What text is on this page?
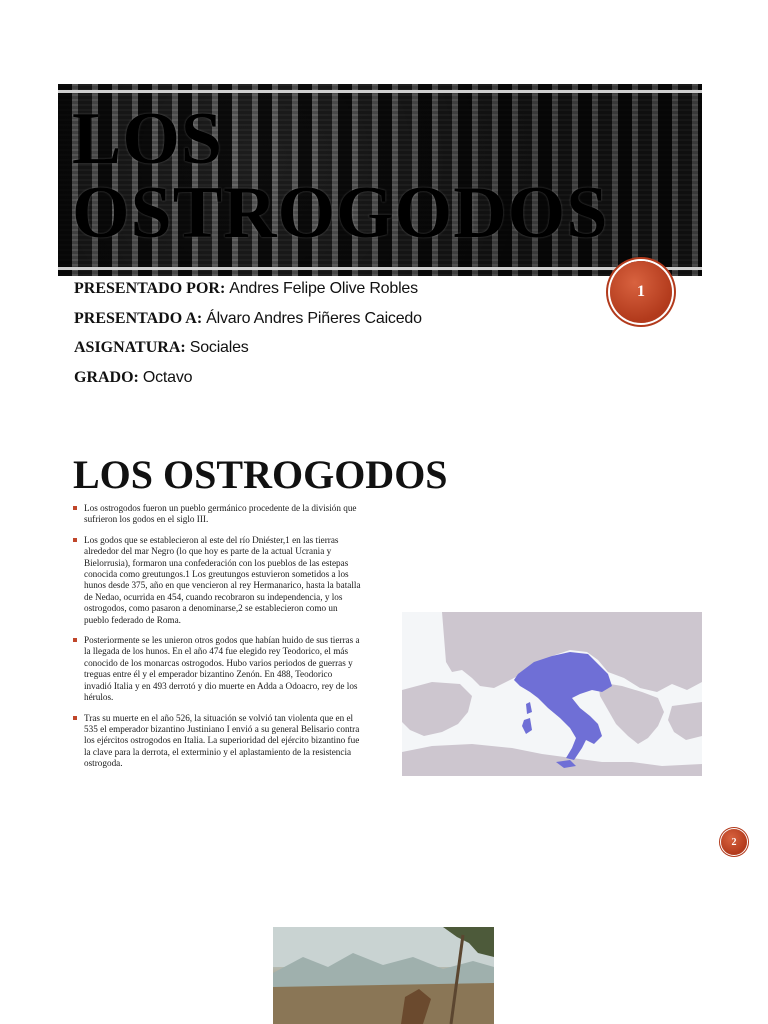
LOS
OSTROGODOS
PRESENTADO POR: Andres Felipe Olive Robles
PRESENTADO A: Álvaro Andres Piñeres Caicedo
ASIGNATURA: Sociales
GRADO: Octavo
1
LOS OSTROGODOS
Los ostrogodos fueron un pueblo germánico procedente de la división que sufrieron los godos en el siglo III.
Los godos que se establecieron al este del río Dniéster,1 en las tierras alrededor del mar Negro (lo que hoy es parte de la actual Ucrania y Bielorrusia), formaron una confederación con los pueblos de las estepas conocida como greutungos.1 Los greutungos estuvieron sometidos a los hunos desde 375, año en que vencieron al rey Hermanarico, hasta la batalla de Nedao, ocurrida en 454, cuando recobraron su independencia, y los ostrogodos, como pasaron a denominarse,2 se establecieron como un pueblo federado de Roma.
Posteriormente se les unieron otros godos que habían huido de sus tierras a la llegada de los hunos. En el año 474 fue elegido rey Teodorico, el más conocido de los monarcas ostrogodos. Hubo varios periodos de guerras y treguas entre él y el emperador bizantino Zenón. En 488, Teodorico invadió Italia y en 493 derrotó y dio muerte en Adda a Odoacro, rey de los hérulos.
Tras su muerte en el año 526, la situación se volvió tan violenta que en el 535 el emperador bizantino Justiniano I envió a su general Belisario contra los ejércitos ostrogodos en Italia. La superioridad del ejército bizantino fue la clave para la derrota, el exterminio y el aplastamiento de la resistencia ostrogoda.
2
